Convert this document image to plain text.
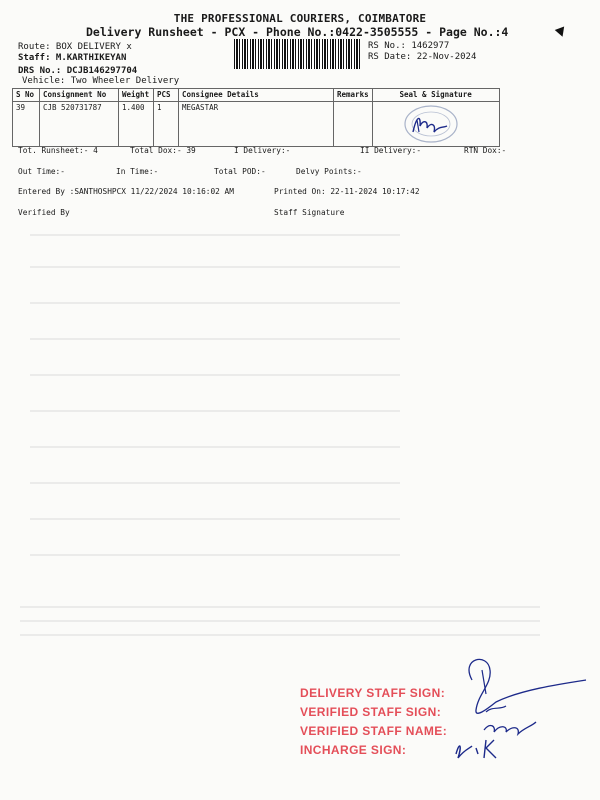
THE PROFESSIONAL COURIERS, COIMBATORE
Delivery Runsheet - PCX - Phone No.:0422-3505555 - Page No.:4
Route: BOX DELIVERY x
Staff: M.KARTHIKEYAN
DRS No.: DCJB146297704
Vehicle: Two Wheeler Delivery
RS No.: 1462977
RS Date: 22-Nov-2024
S No	Consignment No	Weight	PCS	Consignee Details	Remarks	Seal & Signature
39	CJB 520731787	1.400	1	MEGASTAR		
Tot. Runsheet:- 4	Total Dox:- 39	I Delivery:-	II Delivery:-	RTN Dox:-
Out Time:-	In Time:-	Total POD:-	Delvy Points:-
Entered By :SANTHOSHPCX 11/22/2024 10:16:02 AM	Printed On: 22-11-2024 10:17:42
Verified By	Staff Signature
DELIVERY STAFF SIGN:
VERIFIED STAFF SIGN:
VERIFIED STAFF NAME:
INCHARGE SIGN:
